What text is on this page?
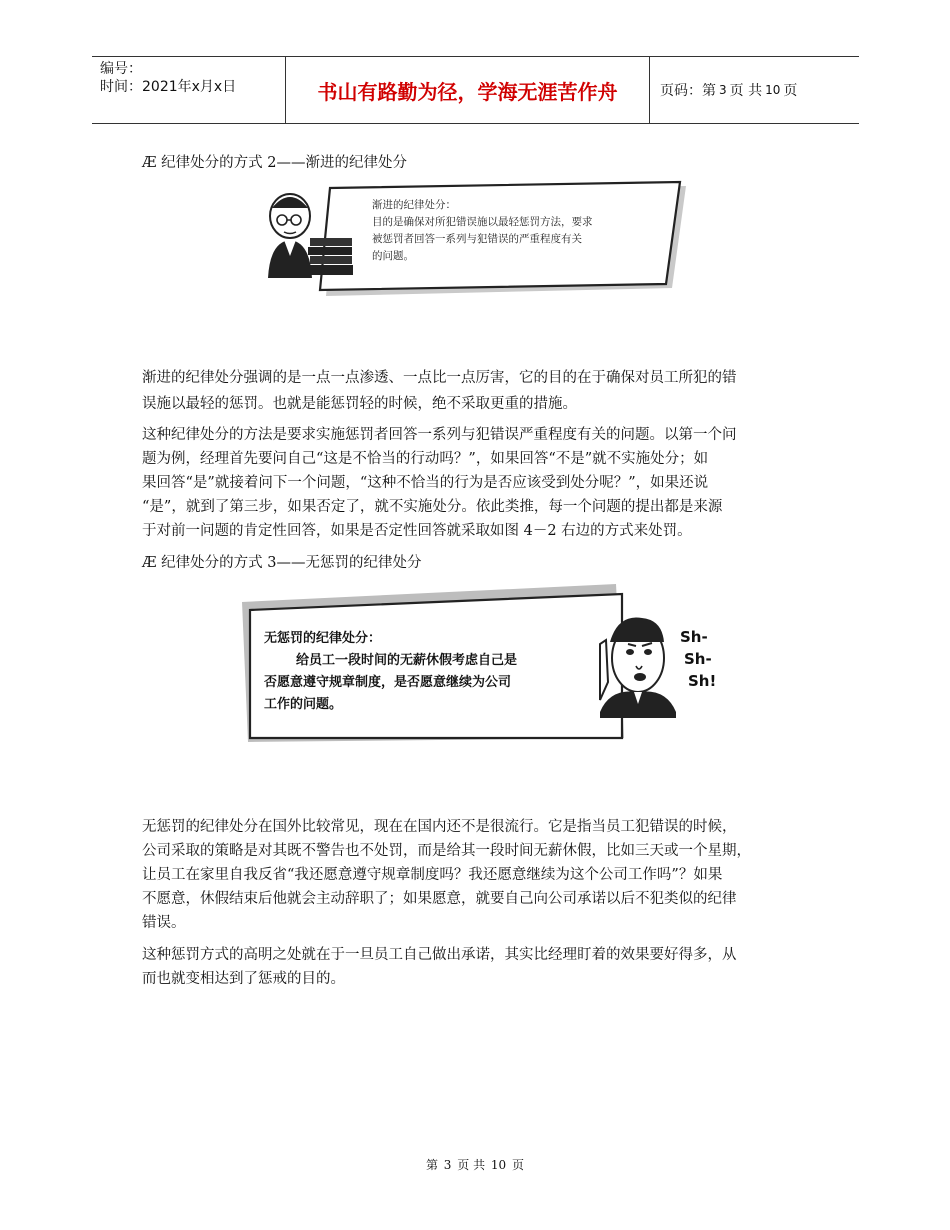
编号：
时间：2021年x月x日	书山有路勤为径，学海无涯苦作舟	页码：第 3 页 共 10 页
Æ 纪律处分的方式 2——渐进的纪律处分
渐进的纪律处分：
目的是确保对所犯错误施以最轻惩罚方法，要求
被惩罚者回答一系列与犯错误的严重程度有关
的问题。
渐进的纪律处分强调的是一点一点渗透、一点比一点厉害，它的目的在于确保对员工所犯的错
误施以最轻的惩罚。也就是能惩罚轻的时候，绝不采取更重的措施。
这种纪律处分的方法是要求实施惩罚者回答一系列与犯错误严重程度有关的问题。以第一个问
题为例，经理首先要问自己“这是不恰当的行动吗？”，如果回答“不是”就不实施处分；如
果回答“是”就接着问下一个问题，“这种不恰当的行为是否应该受到处分呢？”，如果还说
“是”，就到了第三步，如果否定了，就不实施处分。依此类推，每一个问题的提出都是来源
于对前一问题的肯定性回答，如果是否定性回答就采取如图 4－2 右边的方式来处罚。
Æ 纪律处分的方式 3——无惩罚的纪律处分
无惩罚的纪律处分：
给员工一段时间的无薪休假考虑自己是
否愿意遵守规章制度，是否愿意继续为公司
工作的问题。
Sh-
Sh-
Sh!
无惩罚的纪律处分在国外比较常见，现在在国内还不是很流行。它是指当员工犯错误的时候，
公司采取的策略是对其既不警告也不处罚，而是给其一段时间无薪休假，比如三天或一个星期，
让员工在家里自我反省“我还愿意遵守规章制度吗？我还愿意继续为这个公司工作吗”？如果
不愿意，休假结束后他就会主动辞职了；如果愿意，就要自己向公司承诺以后不犯类似的纪律
错误。
这种惩罚方式的高明之处就在于一旦员工自己做出承诺，其实比经理盯着的效果要好得多，从
而也就变相达到了惩戒的目的。
第 3 页 共 10 页
